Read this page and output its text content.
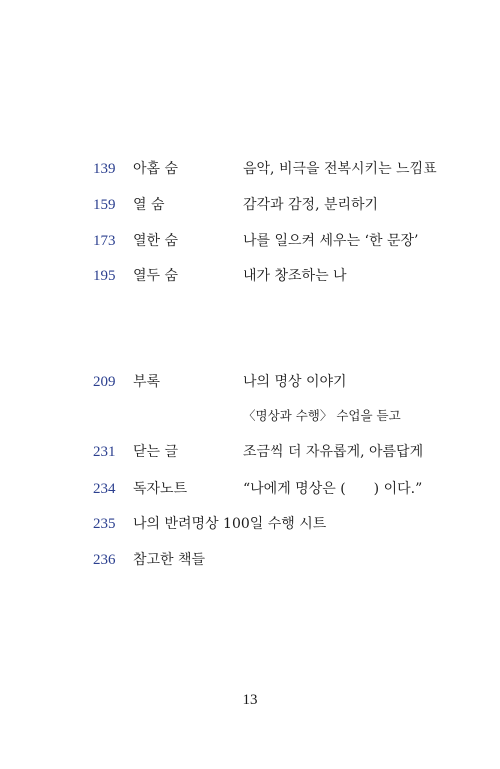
139 아홉 숨	음악, 비극을 전복시키는 느낌표
159 열 숨	감각과 감정, 분리하기
173 열한 숨	나를 일으켜 세우는 ‘한 문장’
195 열두 숨	내가 창조하는 나
209 부록	나의 명상 이야기
〈명상과 수행〉 수업을 듣고
231 닫는 글	조금씩 더 자유롭게, 아름답게
234 독자노트	“나에게 명상은 (　　) 이다.”
235 나의 반려명상 100일 수행 시트
236 참고한 책들
13
